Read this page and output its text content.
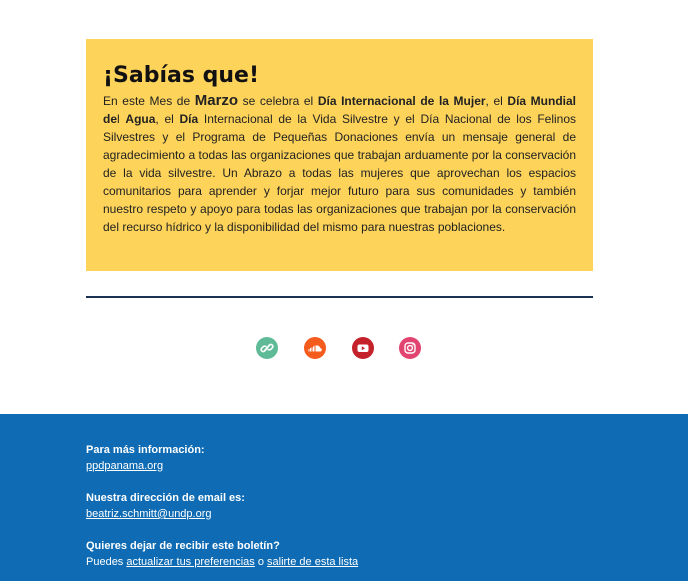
¡Sabías que!

En este Mes de Marzo se celebra el Día Internacional de la Mujer, el Día Mundial del Agua, el Día Internacional de la Vida Silvestre y el Día Nacional de los Felinos Silvestres y el Programa de Pequeñas Donaciones envía un mensaje general de agradecimiento a todas las organizaciones que trabajan arduamente por la conservación de la vida silvestre. Un Abrazo a todas las mujeres que aprovechan los espacios comunitarios para aprender y forjar mejor futuro para sus comunidades y también nuestro respeto y apoyo para todas las organizaciones que trabajan por la conservación del recurso hídrico y la disponibilidad del mismo para nuestras poblaciones.

Para más información:
ppdpanama.org
Nuestra dirección de email es:
beatriz.schmitt@undp.org
Quieres dejar de recibir este boletín?
Puedes actualizar tus preferencias o salirte de esta lista
